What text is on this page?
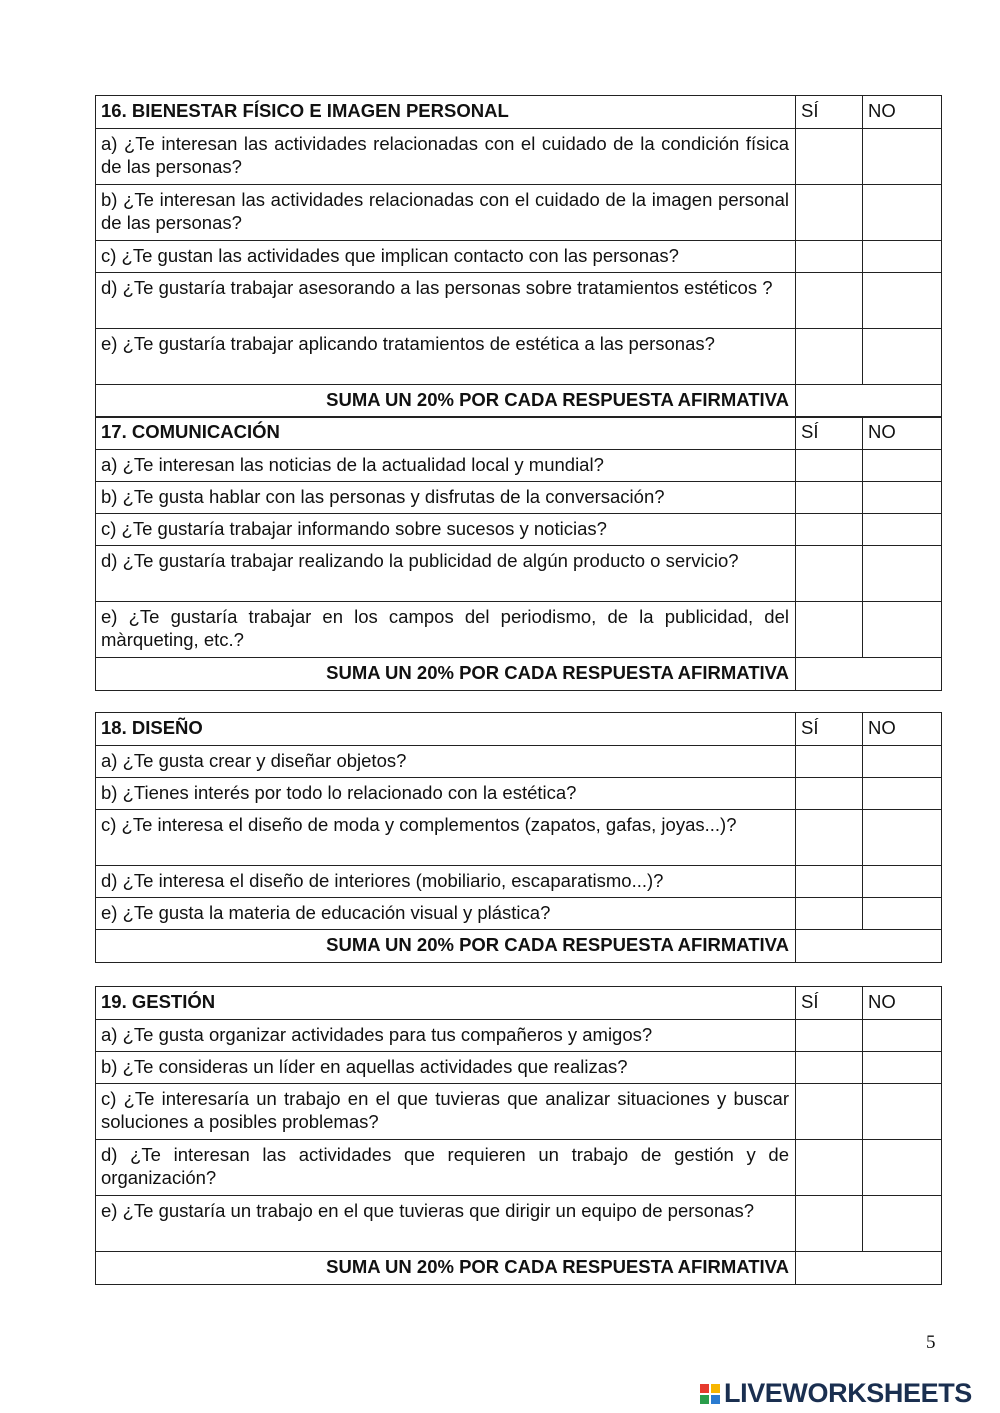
16. BIENESTAR FÍSICO E IMAGEN PERSONAL	SÍ	NO
a) ¿Te interesan las actividades relacionadas con el cuidado de la condición física de las personas?		
b) ¿Te interesan las actividades relacionadas con el cuidado de la imagen personal de las personas?		
c) ¿Te gustan las actividades que implican contacto con las personas?		
d) ¿Te gustaría trabajar asesorando a las personas sobre tratamientos estéticos ?		
e) ¿Te gustaría trabajar aplicando tratamientos de estética a las personas?		
SUMA UN 20% POR CADA RESPUESTA AFIRMATIVA		
17. COMUNICACIÓN	SÍ	NO
a) ¿Te interesan las noticias de la actualidad local y mundial?		
b) ¿Te gusta hablar con las personas y disfrutas de la conversación?		
c) ¿Te gustaría trabajar informando sobre sucesos y noticias?		
d) ¿Te gustaría trabajar realizando la publicidad de algún producto o servicio?		
e) ¿Te gustaría trabajar en los campos del periodismo, de la publicidad, del màrqueting, etc.?		
SUMA UN 20% POR CADA RESPUESTA AFIRMATIVA		
18. DISEÑO	SÍ	NO
a) ¿Te gusta crear y diseñar objetos?		
b) ¿Tienes interés por todo lo relacionado con la estética?		
c) ¿Te interesa el diseño de moda y complementos (zapatos, gafas, joyas...)?		
d) ¿Te interesa el diseño de interiores (mobiliario, escaparatismo...)?		
e) ¿Te gusta la materia de educación visual y plástica?		
SUMA UN 20% POR CADA RESPUESTA AFIRMATIVA		
19. GESTIÓN	SÍ	NO
a) ¿Te gusta organizar actividades para tus compañeros y amigos?		
b) ¿Te consideras un líder en aquellas actividades que realizas?		
c) ¿Te interesaría un trabajo en el que tuvieras que analizar situaciones y buscar soluciones a posibles problemas?		
d) ¿Te interesan las actividades que requieren un trabajo de gestión y de organización?		
e) ¿Te gustaría un trabajo en el que tuvieras que dirigir un equipo de personas?		
SUMA UN 20% POR CADA RESPUESTA AFIRMATIVA		
5
LIVEWORKSHEETS
